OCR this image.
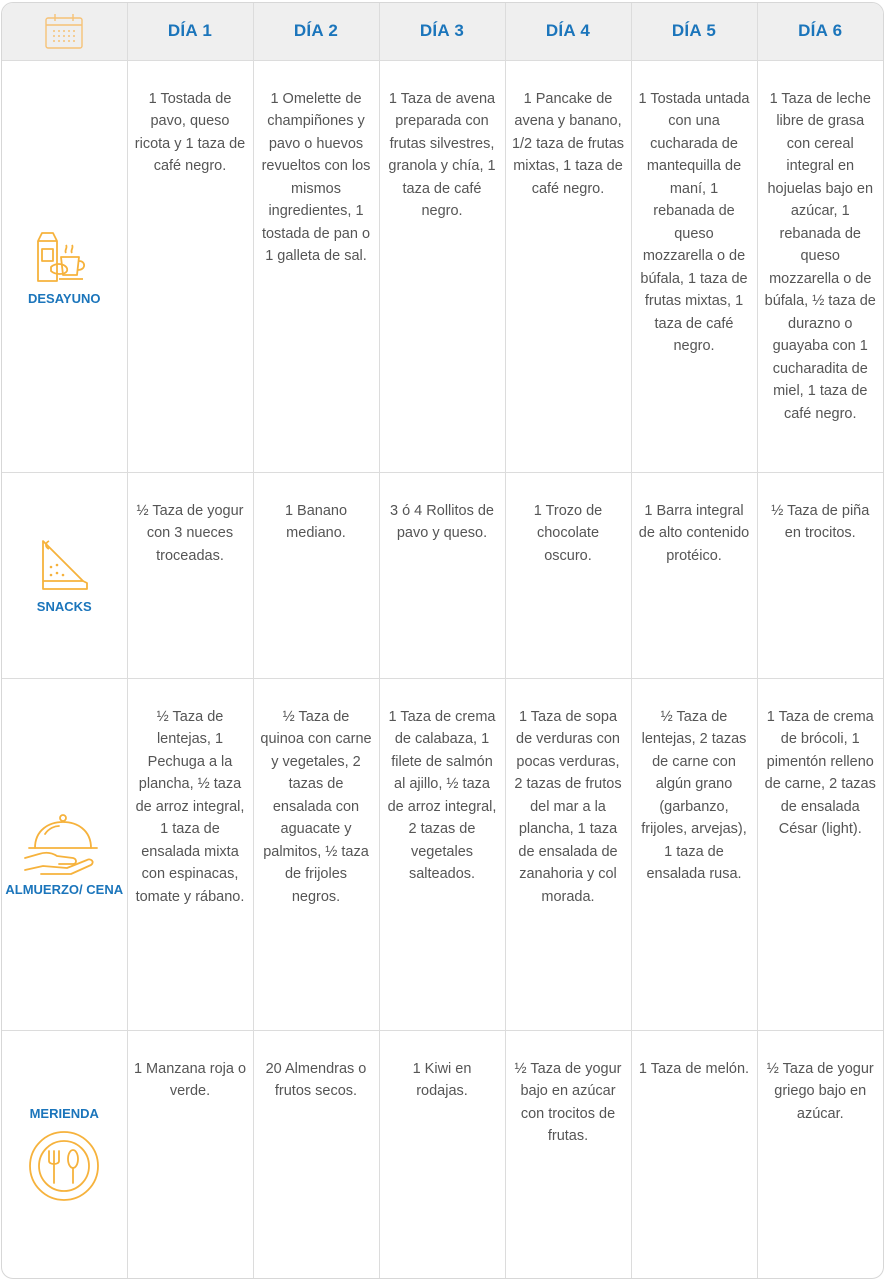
	DÍA 1	DÍA 2	DÍA 3	DÍA 4	DÍA 5	DÍA 6

DESAYUNO	1 Tostada de pavo, queso ricota y 1 taza de café negro.	1 Omelette de champiñones y pavo o huevos revueltos con los mismos ingredientes, 1 tostada de pan o 1 galleta de sal.	1 Taza de avena preparada con frutas silvestres, granola y chía, 1 taza de café negro.	1 Pancake de avena y banano, 1/2 taza de frutas mixtas, 1 taza de café negro.	1 Tostada untada con una cucharada de mantequilla de maní, 1 rebanada de queso mozzarella o de búfala, 1 taza de frutas mixtas, 1 taza de café negro.	1 Taza de leche libre de grasa con cereal integral en hojuelas bajo en azúcar, 1 rebanada de queso mozzarella o de búfala, ½ taza de durazno o guayaba con 1 cucharadita de miel, 1 taza de café negro.

SNACKS	½ Taza de yogur con 3 nueces troceadas.	1 Banano mediano.	3 ó 4 Rollitos de pavo y queso.	1 Trozo de chocolate oscuro.	1 Barra integral de alto contenido protéico.	½ Taza de piña en trocitos.

ALMUERZO/ CENA	½ Taza de lentejas, 1 Pechuga a la plancha, ½ taza de arroz integral, 1 taza de ensalada mixta con espinacas, tomate y rábano.	½ Taza de quinoa con carne y vegetales, 2 tazas de ensalada con aguacate y palmitos, ½ taza de frijoles negros.	1 Taza de crema de calabaza, 1 filete de salmón al ajillo, ½ taza de arroz integral, 2 tazas de vegetales salteados.	1 Taza de sopa de verduras con pocas verduras, 2 tazas de frutos del mar a la plancha, 1 taza de ensalada de zanahoria y col morada.	½ Taza de lentejas, 2 tazas de carne con algún grano (garbanzo, frijoles, arvejas), 1 taza de ensalada rusa.	1 Taza de crema de brócoli, 1 pimentón relleno de carne, 2 tazas de ensalada César (light).

MERIENDA	1 Manzana roja o verde.	20 Almendras o frutos secos.	1 Kiwi en rodajas.	½ Taza de yogur bajo en azúcar con trocitos de frutas.	1 Taza de melón.	½ Taza de yogur griego bajo en azúcar.
